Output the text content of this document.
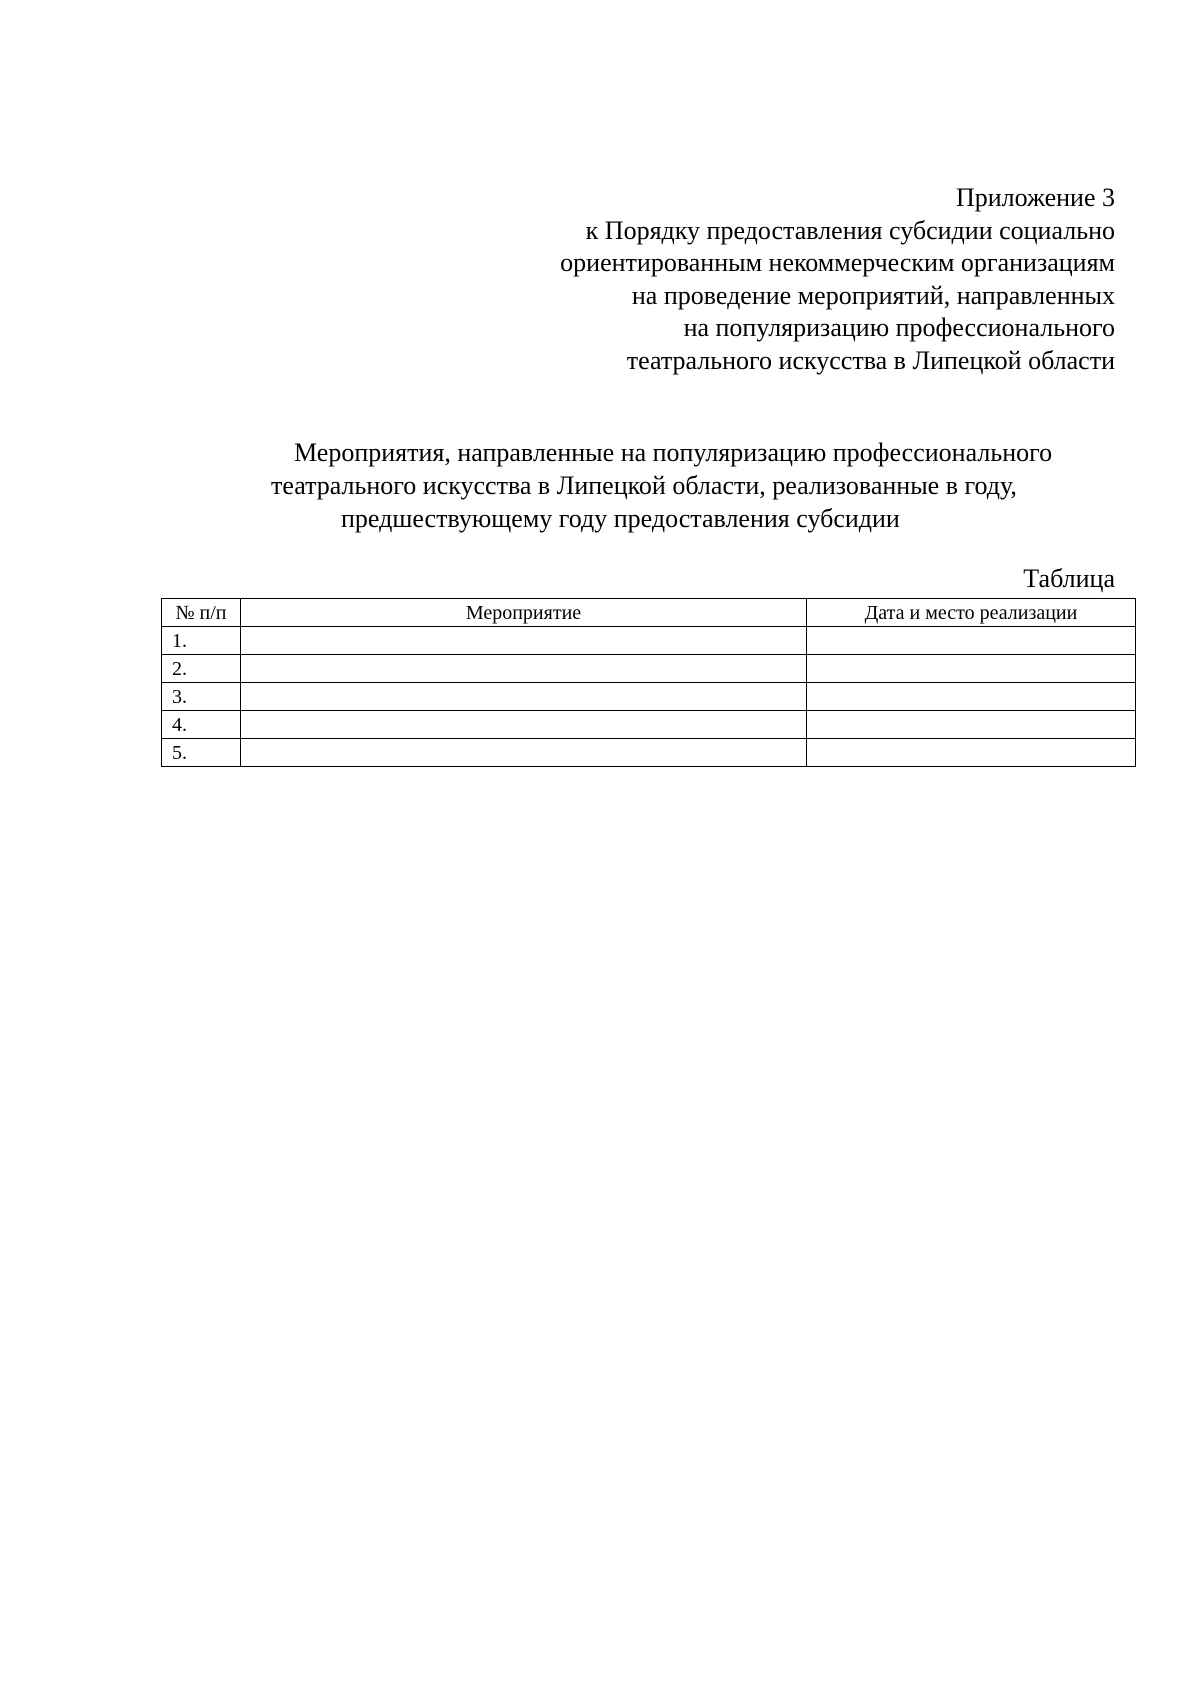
Приложение 3
к Порядку предоставления субсидии социально
ориентированным некоммерческим организациям
на проведение мероприятий, направленных
на популяризацию профессионального
театрального искусства в Липецкой области
Мероприятия, направленные на популяризацию профессионального
театрального искусства в Липецкой области, реализованные в году,
предшествующему году предоставления субсидии
Таблица
№ п/п	Мероприятие	Дата и место реализации
1.		
2.		
3.		
4.		
5.		
